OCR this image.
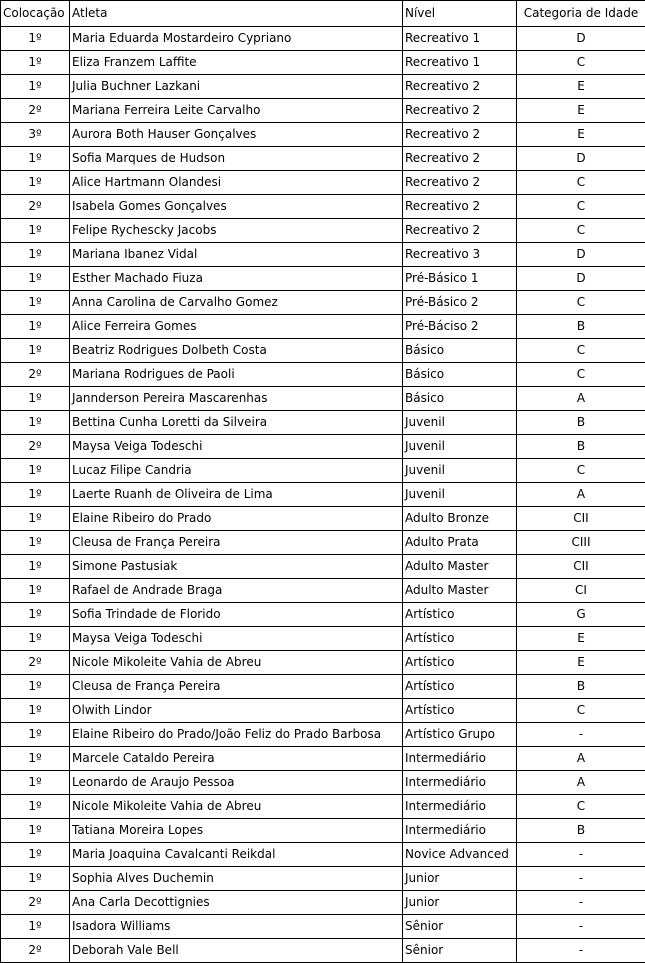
Colocação	Atleta	Nível	Categoria de Idade
1º	Maria Eduarda Mostardeiro Cypriano	Recreativo 1	D
1º	Eliza Franzem Laffite	Recreativo 1	C
1º	Julia Buchner Lazkani	Recreativo 2	E
2º	Mariana Ferreira Leite Carvalho	Recreativo 2	E
3º	Aurora Both Hauser Gonçalves	Recreativo 2	E
1º	Sofia Marques de Hudson	Recreativo 2	D
1º	Alice Hartmann Olandesi	Recreativo 2	C
2º	Isabela Gomes Gonçalves	Recreativo 2	C
1º	Felipe Rychescky Jacobs	Recreativo 2	C
1º	Mariana Ibanez Vidal	Recreativo 3	D
1º	Esther Machado Fiuza	Pré-Básico 1	D
1º	Anna Carolina de Carvalho Gomez	Pré-Básico 2	C
1º	Alice Ferreira Gomes	Pré-Báciso 2	B
1º	Beatriz Rodrigues Dolbeth Costa	Básico	C
2º	Mariana Rodrigues de Paoli	Básico	C
1º	Jannderson Pereira Mascarenhas	Básico	A
1º	Bettina Cunha Loretti da Silveira	Juvenil	B
2º	Maysa Veiga Todeschi	Juvenil	B
1º	Lucaz Filipe Candria	Juvenil	C
1º	Laerte Ruanh de Oliveira de Lima	Juvenil	A
1º	Elaine Ribeiro do Prado	Adulto Bronze	CII
1º	Cleusa de França Pereira	Adulto Prata	CIII
1º	Simone Pastusiak	Adulto Master	CII
1º	Rafael de Andrade Braga	Adulto Master	CI
1º	Sofia Trindade de Florido	Artístico	G
1º	Maysa Veiga Todeschi	Artístico	E
2º	Nicole Mikoleite Vahia de Abreu	Artístico	E
1º	Cleusa de França Pereira	Artístico	B
1º	Olwith Lindor	Artístico	C
1º	Elaine Ribeiro do Prado/João Feliz do Prado Barbosa	Artístico Grupo	-
1º	Marcele Cataldo Pereira	Intermediário	A
1º	Leonardo de Araujo Pessoa	Intermediário	A
1º	Nicole Mikoleite Vahia de Abreu	Intermediário	C
1º	Tatiana Moreira Lopes	Intermediário	B
1º	Maria Joaquina Cavalcanti Reikdal	Novice Advanced	-
1º	Sophia Alves Duchemin	Junior	-
2º	Ana Carla Decottignies	Junior	-
1º	Isadora Williams	Sênior	-
2º	Deborah Vale Bell	Sênior	-
